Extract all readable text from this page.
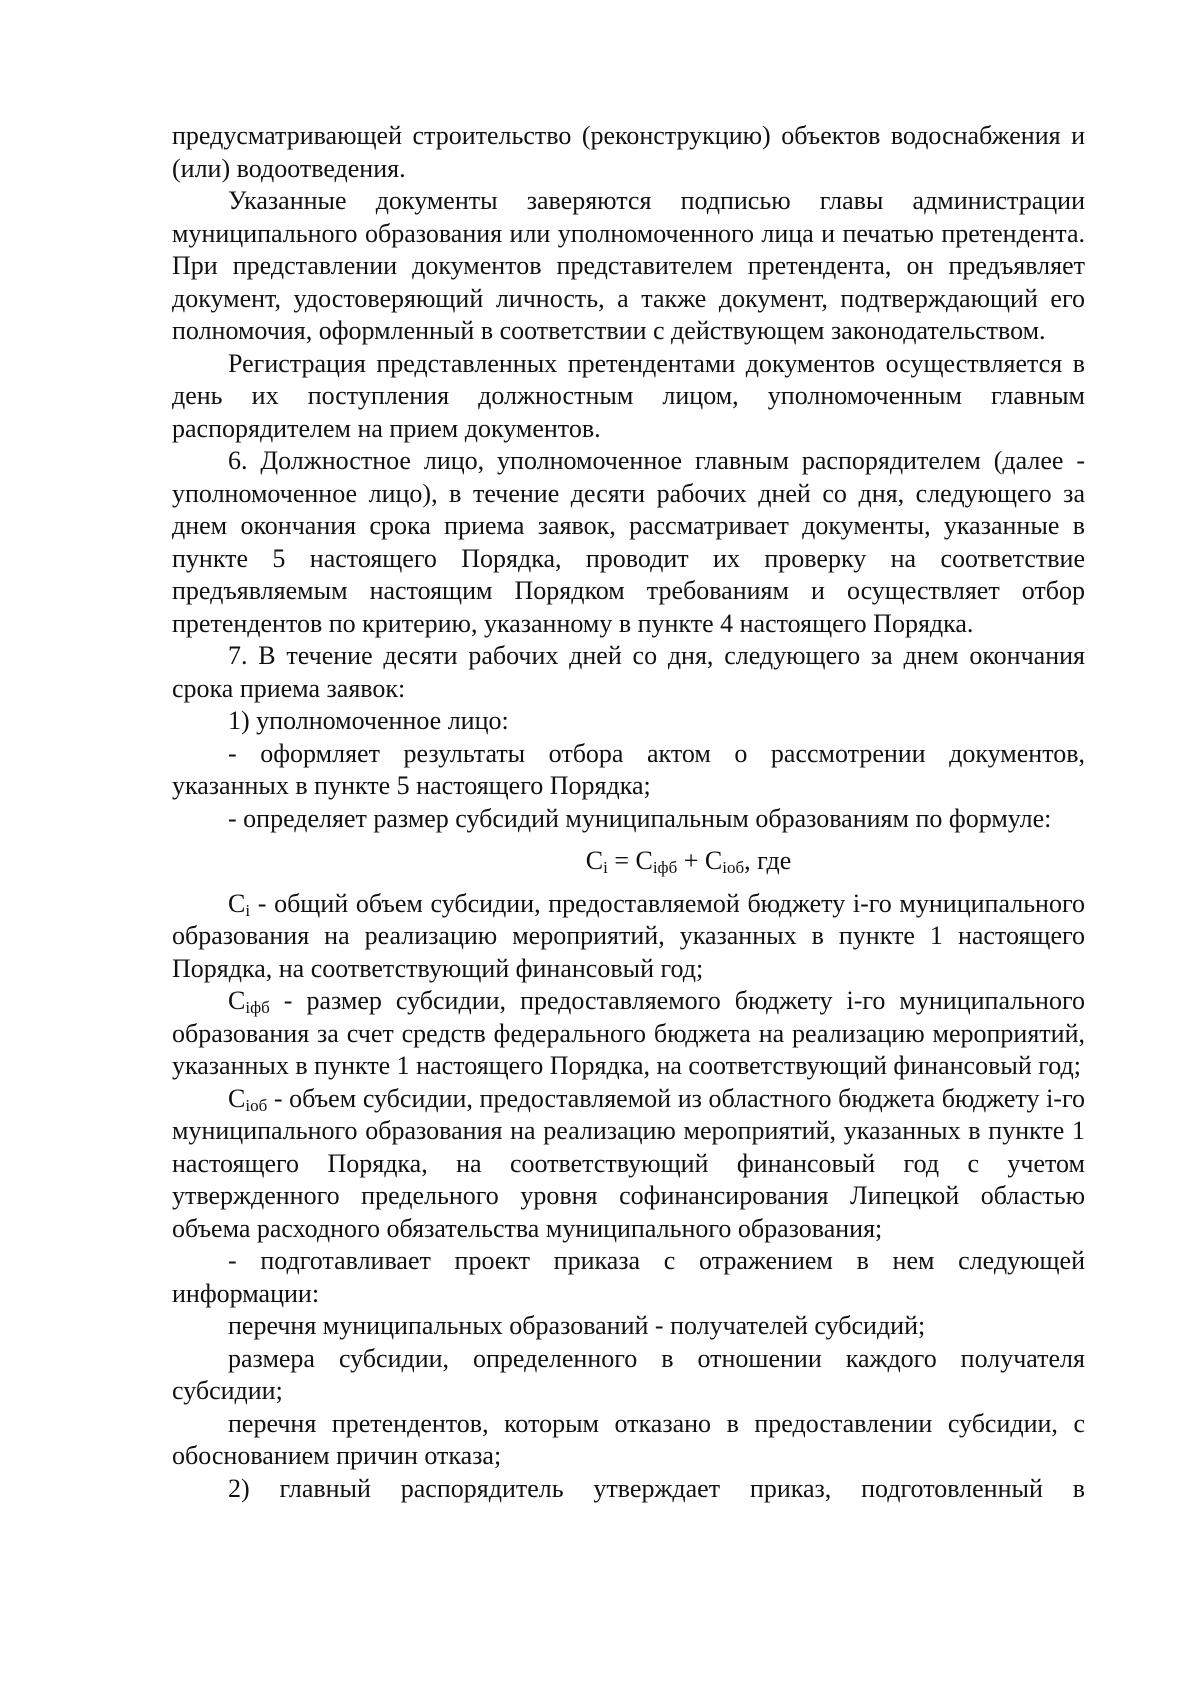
предусматривающей строительство (реконструкцию) объектов водоснабжения и (или) водоотведения.

Указанные документы заверяются подписью главы администрации муниципального образования или уполномоченного лица и печатью претендента. При представлении документов представителем претендента, он предъявляет документ, удостоверяющий личность, а также документ, подтверждающий его полномочия, оформленный в соответствии с действующем законодательством.

Регистрация представленных претендентами документов осуществляется в день их поступления должностным лицом, уполномоченным главным распорядителем на прием документов.

6. Должностное лицо, уполномоченное главным распорядителем (далее - уполномоченное лицо), в течение десяти рабочих дней со дня, следующего за днем окончания срока приема заявок, рассматривает документы, указанные в пункте 5 настоящего Порядка, проводит их проверку на соответствие предъявляемым настоящим Порядком требованиям и осуществляет отбор претендентов по критерию, указанному в пункте 4 настоящего Порядка.

7. В течение десяти рабочих дней со дня, следующего за днем окончания срока приема заявок:

1) уполномоченное лицо:

- оформляет результаты отбора актом о рассмотрении документов, указанных в пункте 5 настоящего Порядка;

- определяет размер субсидий муниципальным образованиям по формуле:

$C_i = C_{iфб} + C_{iоб}$, где

$C_i$ - общий объем субсидии, предоставляемой бюджету i-го муниципального образования на реализацию мероприятий, указанных в пункте 1 настоящего Порядка, на соответствующий финансовый год;

$C_{iфб}$ - размер субсидии, предоставляемого бюджету i-го муниципального образования за счет средств федерального бюджета на реализацию мероприятий, указанных в пункте 1 настоящего Порядка, на соответствующий финансовый год;

$C_{iоб}$ - объем субсидии, предоставляемой из областного бюджета бюджету i-го муниципального образования на реализацию мероприятий, указанных в пункте 1 настоящего Порядка, на соответствующий финансовый год с учетом утвержденного предельного уровня софинансирования Липецкой областью объема расходного обязательства муниципального образования;

- подготавливает проект приказа с отражением в нем следующей информации:

перечня муниципальных образований - получателей субсидий;

размера субсидии, определенного в отношении каждого получателя субсидии;

перечня претендентов, которым отказано в предоставлении субсидии, с обоснованием причин отказа;

2) главный распорядитель утверждает приказ, подготовленный в
